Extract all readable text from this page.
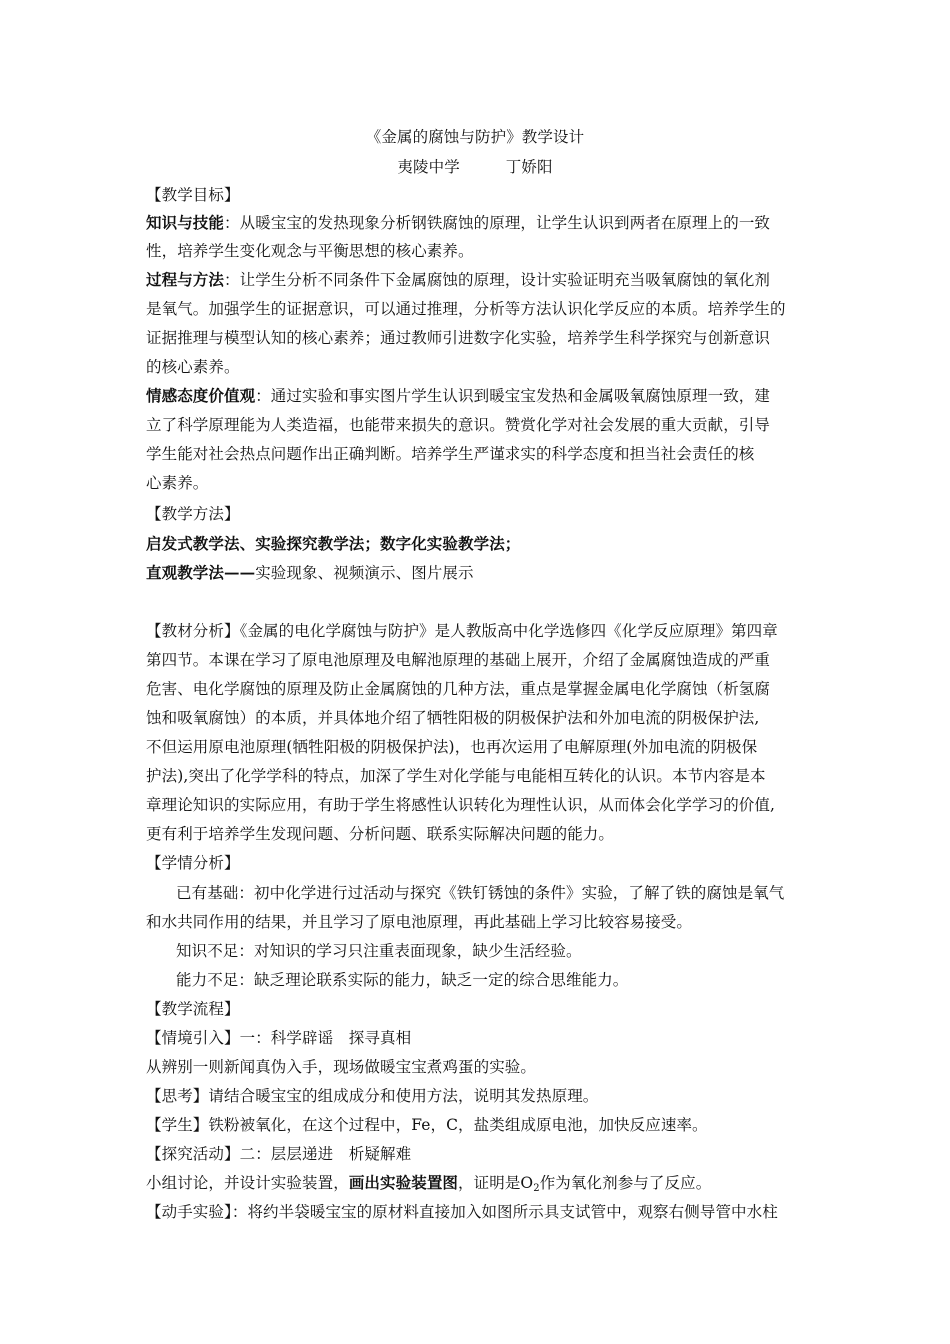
《金属的腐蚀与防护》教学设计
夷陵中学	丁娇阳
【教学目标】
知识与技能：从暖宝宝的发热现象分析钢铁腐蚀的原理，让学生认识到两者在原理上的一致
性，培养学生变化观念与平衡思想的核心素养。
过程与方法：让学生分析不同条件下金属腐蚀的原理，设计实验证明充当吸氧腐蚀的氧化剂
是氧气。加强学生的证据意识，可以通过推理，分析等方法认识化学反应的本质。培养学生的
证据推理与模型认知的核心素养；通过教师引进数字化实验，培养学生科学探究与创新意识
的核心素养。
情感态度价值观：通过实验和事实图片学生认识到暖宝宝发热和金属吸氧腐蚀原理一致，建
立了科学原理能为人类造福，也能带来损失的意识。赞赏化学对社会发展的重大贡献，引导
学生能对社会热点问题作出正确判断。培养学生严谨求实的科学态度和担当社会责任的核
心素养。
【教学方法】
启发式教学法、实验探究教学法；数字化实验教学法；
直观教学法——实验现象、视频演示、图片展示
【教材分析】《金属的电化学腐蚀与防护》是人教版高中化学选修四《化学反应原理》第四章
第四节。本课在学习了原电池原理及电解池原理的基础上展开，介绍了金属腐蚀造成的严重
危害、电化学腐蚀的原理及防止金属腐蚀的几种方法，重点是掌握金属电化学腐蚀（析氢腐
蚀和吸氧腐蚀）的本质，并具体地介绍了牺牲阳极的阴极保护法和外加电流的阴极保护法,
不但运用原电池原理(牺牲阳极的阴极保护法)，也再次运用了电解原理(外加电流的阴极保
护法),突出了化学学科的特点，加深了学生对化学能与电能相互转化的认识。本节内容是本
章理论知识的实际应用，有助于学生将感性认识转化为理性认识，从而体会化学学习的价值,
更有利于培养学生发现问题、分析问题、联系实际解决问题的能力。
【学情分析】
已有基础：初中化学进行过活动与探究《铁钉锈蚀的条件》实验，了解了铁的腐蚀是氧气
和水共同作用的结果，并且学习了原电池原理，再此基础上学习比较容易接受。
知识不足：对知识的学习只注重表面现象，缺少生活经验。
能力不足：缺乏理论联系实际的能力，缺乏一定的综合思维能力。
【教学流程】
【情境引入】一：科学辟谣　探寻真相
从辨别一则新闻真伪入手，现场做暖宝宝煮鸡蛋的实验。
【思考】请结合暖宝宝的组成成分和使用方法，说明其发热原理。
【学生】铁粉被氧化，在这个过程中，Fe，C，盐类组成原电池，加快反应速率。
【探究活动】二：层层递进　析疑解难
小组讨论，并设计实验装置，画出实验装置图，证明是$O_2$作为氧化剂参与了反应。
【动手实验】：将约半袋暖宝宝的原材料直接加入如图所示具支试管中，观察右侧导管中水柱
